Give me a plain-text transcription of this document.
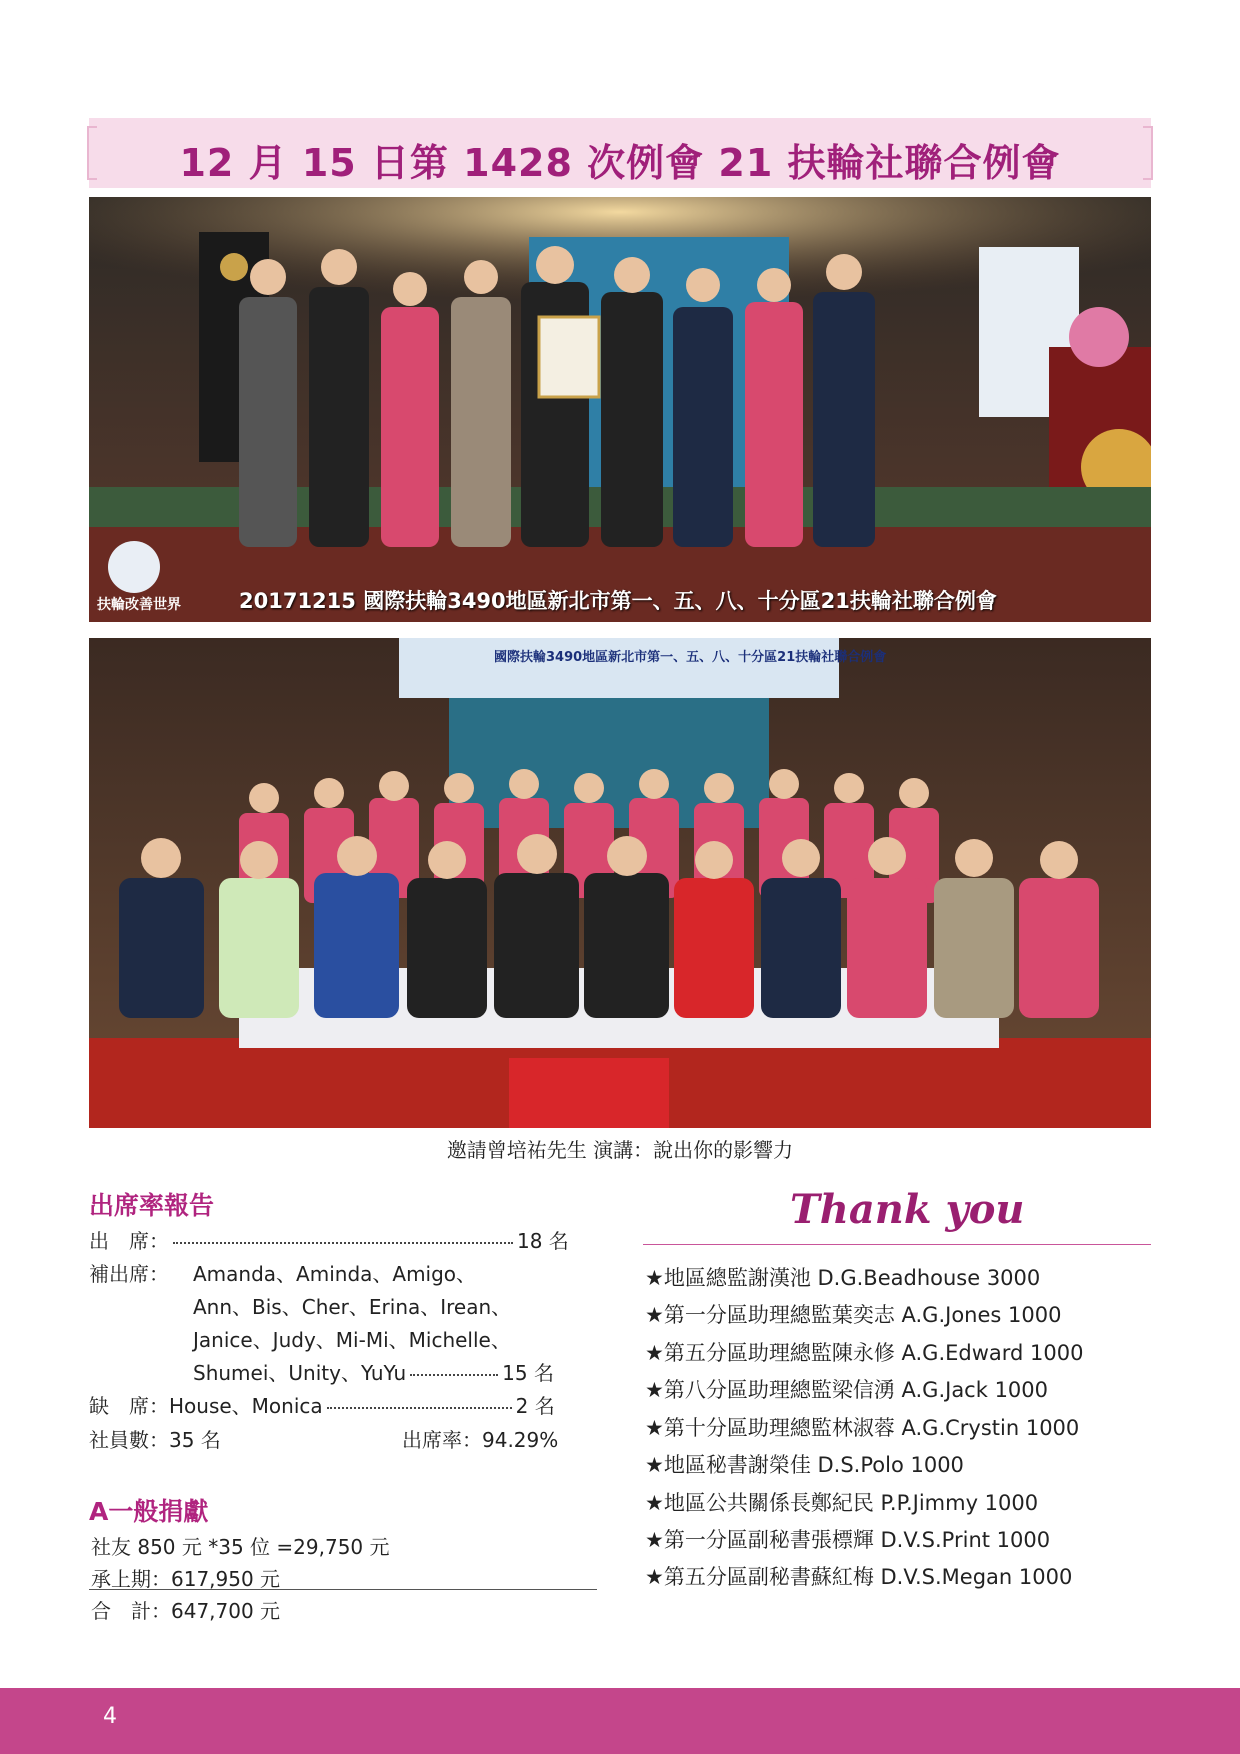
12 月 15 日第 1428 次例會 21 扶輪社聯合例會
扶輪改善世界	20171215 國際扶輪3490地區新北市第一、五、八、十分區21扶輪社聯合例會
國際扶輪3490地區新北市第一、五、八、十分區21扶輪社聯合例會
邀請曾培祐先生 演講：說出你的影響力
出席率報告
出　席：	18 名
補出席： Amanda、Aminda、Amigo、
Ann、Bis、Cher、Erina、Irean、
Janice、Judy、Mi-Mi、Michelle、
Shumei、Unity、YuYu	15 名
缺　席：House、Monica	2 名
社員數：35 名	出席率：94.29%
A一般捐獻
社友 850 元 *35 位 =29,750 元
承上期：617,950 元
合　計：647,700 元
Thank you
★地區總監謝漢池 D.G.Beadhouse 3000
★第一分區助理總監葉奕志 A.G.Jones 1000
★第五分區助理總監陳永修 A.G.Edward 1000
★第八分區助理總監梁信湧 A.G.Jack 1000
★第十分區助理總監林淑蓉 A.G.Crystin 1000
★地區秘書謝榮佳 D.S.Polo 1000
★地區公共關係長鄭紀民 P.P.Jimmy 1000
★第一分區副秘書張標輝 D.V.S.Print 1000
★第五分區副秘書蘇紅梅 D.V.S.Megan 1000
4
